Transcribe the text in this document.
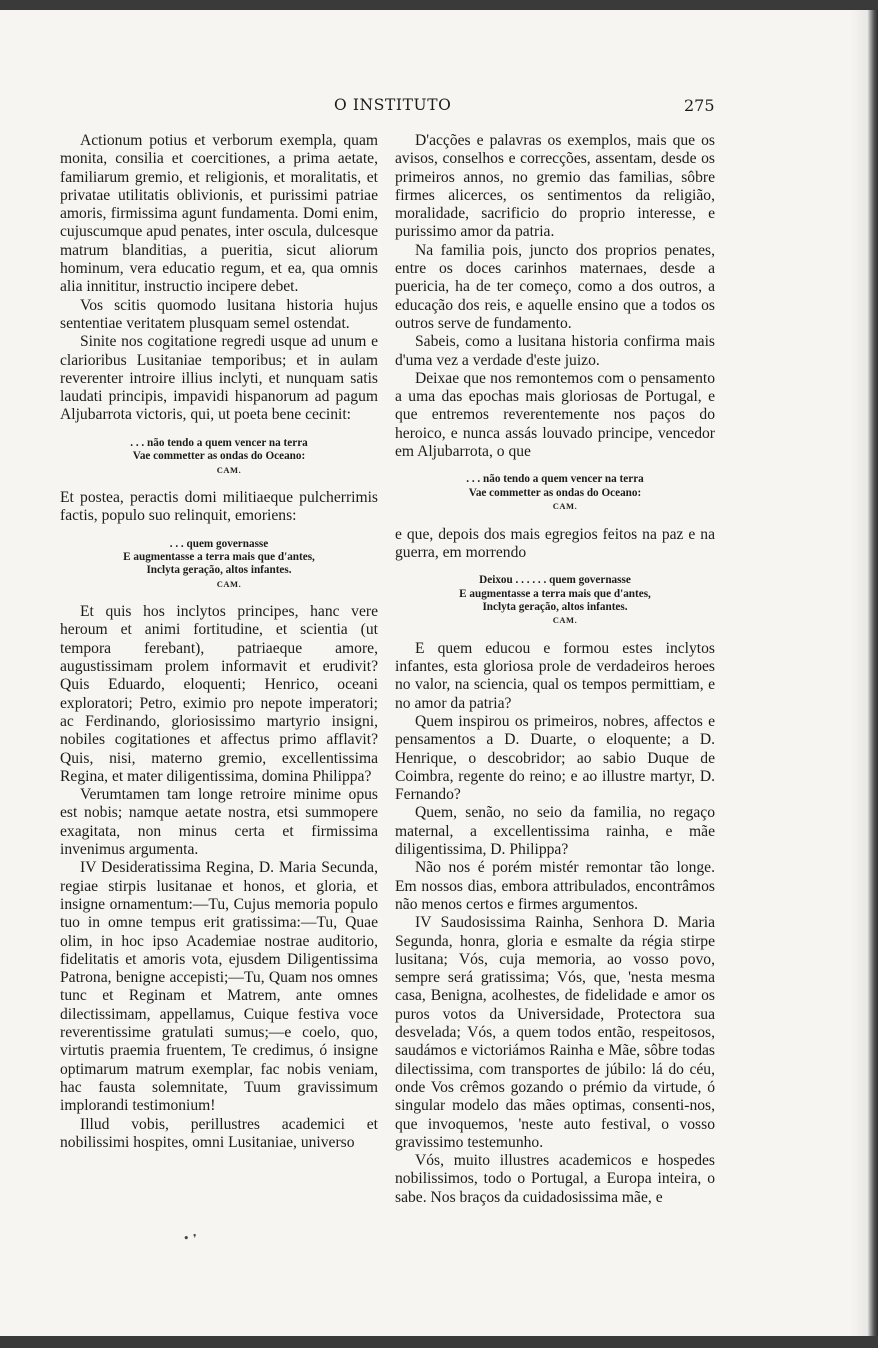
O INSTITUTO	275

Actionum potius et verborum exempla, quam monita, consilia et coercitiones, a prima aetate, familiarum gremio, et religionis, et moralitatis, et privatae utilitatis oblivionis, et purissimi patriae amoris, firmissima agunt fundamenta. Domi enim, cujuscumque apud penates, inter oscula, dulcesque matrum blanditias, a pueritia, sicut aliorum hominum, vera educatio regum, et ea, qua omnis alia innititur, instructio incipere debet.

Vos scitis quomodo lusitana historia hujus sententiae veritatem plusquam semel ostendat.

Sinite nos cogitatione regredi usque ad unum e clarioribus Lusitaniae temporibus; et in aulam reverenter introire illius inclyti, et nunquam satis laudati principis, impavidi hispanorum ad pagum Aljubarrota victoris, qui, ut poeta bene cecinit:

. . . não tendo a quem vencer na terra
Vae commetter as ondas do Oceano:
CAM.

Et postea, peractis domi militiaeque pulcherrimis factis, populo suo relinquit, emoriens:

. . . quem governasse
E augmentasse a terra mais que d'antes,
Inclyta geração, altos infantes.
CAM.

Et quis hos inclytos principes, hanc vere heroum et animi fortitudine, et scientia (ut tempora ferebant), patriaeque amore, augustissimam prolem informavit et erudivit? Quis Eduardo, eloquenti; Henrico, oceani exploratori; Petro, eximio pro nepote imperatori; ac Ferdinando, gloriosissimo martyrio insigni, nobiles cogitationes et affectus primo afflavit? Quis, nisi, materno gremio, excellentissima Regina, et mater diligentissima, domina Philippa?

Verumtamen tam longe retroire minime opus est nobis; namque aetate nostra, etsi summopere exagitata, non minus certa et firmissima invenimus argumenta.

IV Desideratissima Regina, D. Maria Secunda, regiae stirpis lusitanae et honos, et gloria, et insigne ornamentum:—Tu, Cujus memoria populo tuo in omne tempus erit gratissima:—Tu, Quae olim, in hoc ipso Academiae nostrae auditorio, fidelitatis et amoris vota, ejusdem Diligentissima Patrona, benigne accepisti;—Tu, Quam nos omnes tunc et Reginam et Matrem, ante omnes dilectissimam, appellamus, Cuique festiva voce reverentissime gratulati sumus;—e coelo, quo, virtutis praemia fruentem, Te credimus, ó insigne optimarum matrum exemplar, fac nobis veniam, hac fausta solemnitate, Tuum gravissimum implorandi testimonium!

Illud vobis, perillustres academici et nobilissimi hospites, omni Lusitaniae, universo

D'acções e palavras os exemplos, mais que os avisos, conselhos e correcções, assentam, desde os primeiros annos, no gremio das familias, sôbre firmes alicerces, os sentimentos da religião, moralidade, sacrificio do proprio interesse, e purissimo amor da patria.

Na familia pois, juncto dos proprios penates, entre os doces carinhos maternaes, desde a puericia, ha de ter começo, como a dos outros, a educação dos reis, e aquelle ensino que a todos os outros serve de fundamento.

Sabeis, como a lusitana historia confirma mais d'uma vez a verdade d'este juizo.

Deixae que nos remontemos com o pensamento a uma das epochas mais gloriosas de Portugal, e que entremos reverentemente nos paços do heroico, e nunca assás louvado principe, vencedor em Aljubarrota, o que

. . . não tendo a quem vencer na terra
Vae commetter as ondas do Oceano:
CAM.

e que, depois dos mais egregios feitos na paz e na guerra, em morrendo

Deixou . . . . . . quem governasse
E augmentasse a terra mais que d'antes,
Inclyta geração, altos infantes.
CAM.

E quem educou e formou estes inclytos infantes, esta gloriosa prole de verdadeiros heroes no valor, na sciencia, qual os tempos permittiam, e no amor da patria?

Quem inspirou os primeiros, nobres, affectos e pensamentos a D. Duarte, o eloquente; a D. Henrique, o descobridor; ao sabio Duque de Coimbra, regente do reino; e ao illustre martyr, D. Fernando?

Quem, senão, no seio da familia, no regaço maternal, a excellentissima rainha, e mãe diligentissima, D. Philippa?

Não nos é porém mistér remontar tão longe. Em nossos dias, embora attribulados, encontrâmos não menos certos e firmes argumentos.

IV Saudosissima Rainha, Senhora D. Maria Segunda, honra, gloria e esmalte da régia stirpe lusitana; Vós, cuja memoria, ao vosso povo, sempre será gratissima; Vós, que, 'nesta mesma casa, Benigna, acolhestes, de fidelidade e amor os puros votos da Universidade, Protectora sua desvelada; Vós, a quem todos então, respeitosos, saudámos e victoriámos Rainha e Mãe, sôbre todas dilectissima, com transportes de júbilo: lá do céu, onde Vos crêmos gozando o prémio da virtude, ó singular modelo das mães optimas, consenti-nos, que invoquemos, 'neste auto festival, o vosso gravissimo testemunho.

Vós, muito illustres academicos e hospedes nobilissimos, todo o Portugal, a Europa inteira, o sabe. Nos braços da cuidadosissima mãe, e

• ❜
